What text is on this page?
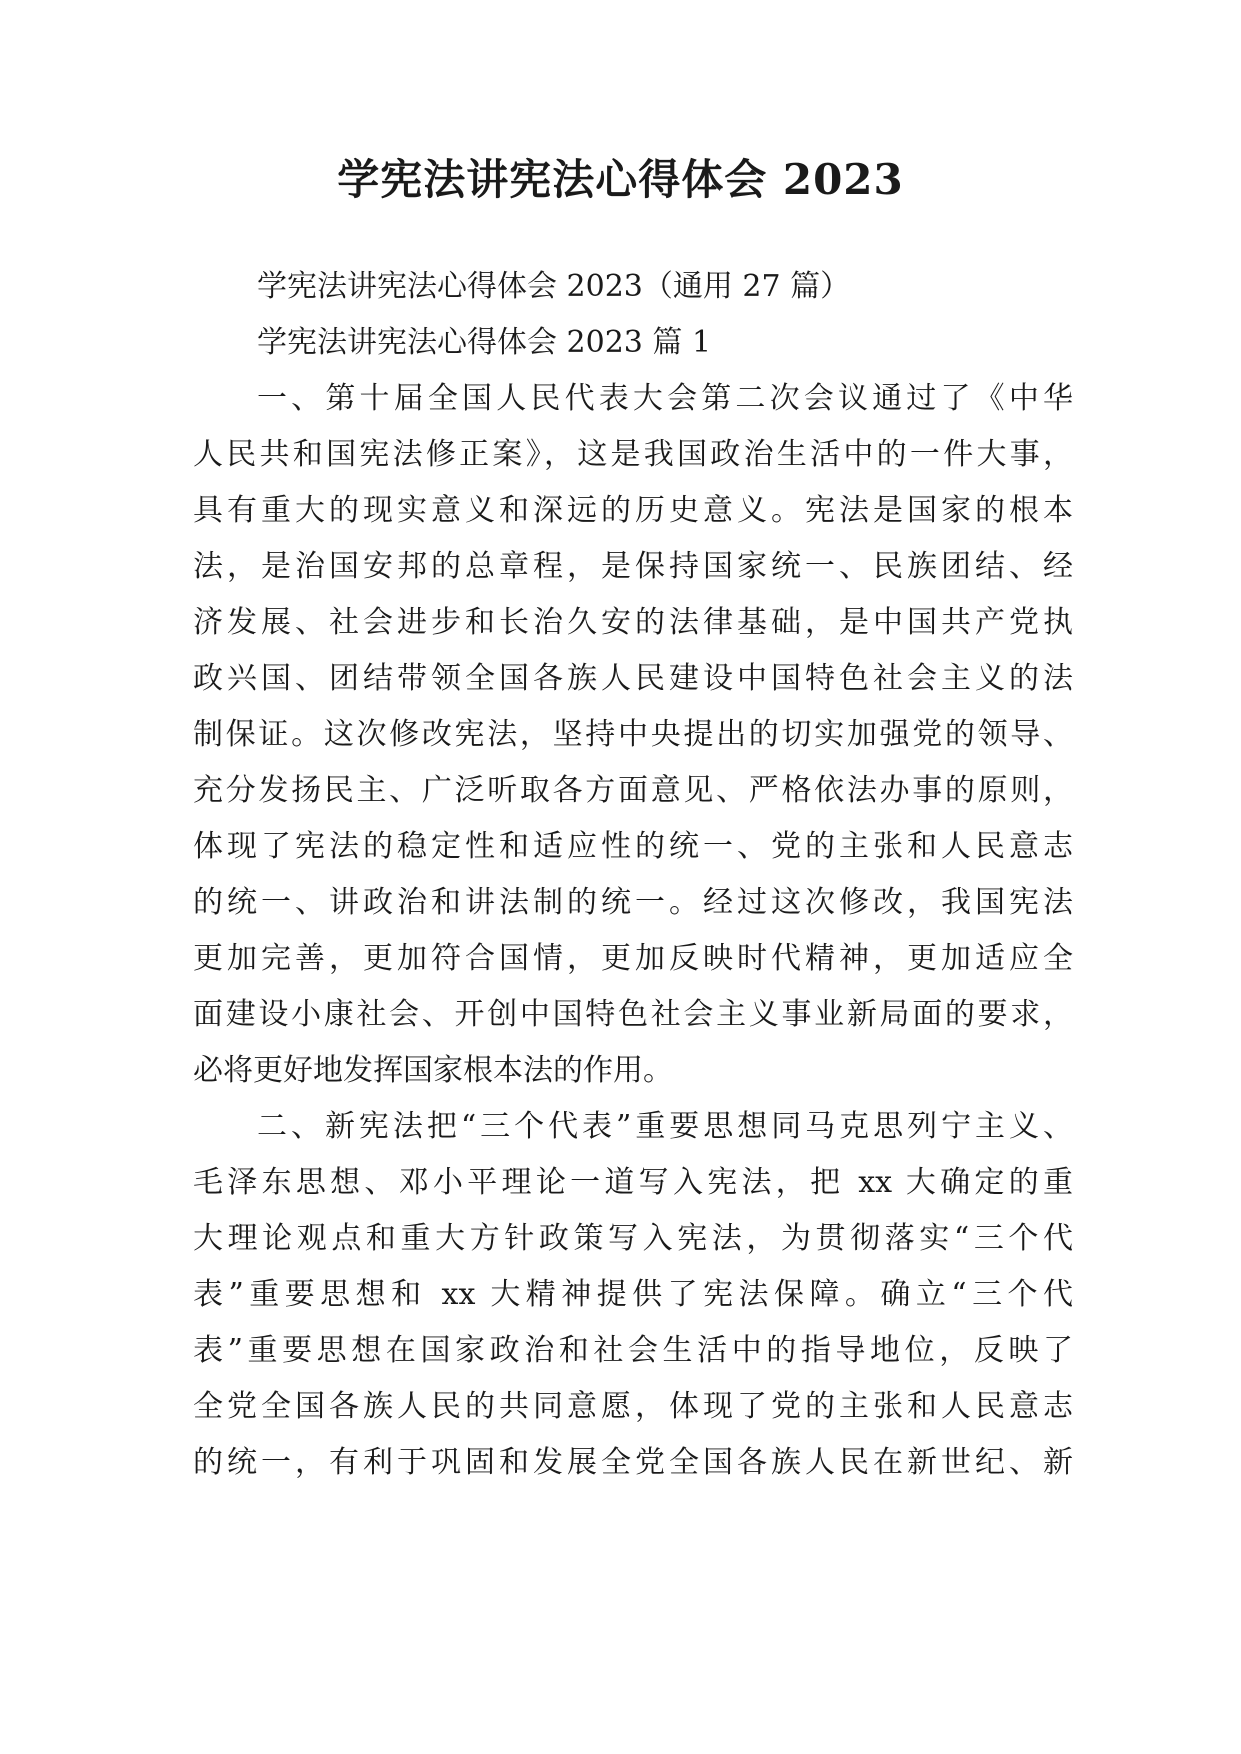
学宪法讲宪法心得体会 2023
学宪法讲宪法心得体会 2023（通用 27 篇）
学宪法讲宪法心得体会 2023 篇 1
一、第十届全国人民代表大会第二次会议通过了《中华
人民共和国宪法修正案》，这是我国政治生活中的一件大事，
具有重大的现实意义和深远的历史意义。宪法是国家的根本
法，是治国安邦的总章程，是保持国家统一、民族团结、经
济发展、社会进步和长治久安的法律基础，是中国共产党执
政兴国、团结带领全国各族人民建设中国特色社会主义的法
制保证。这次修改宪法，坚持中央提出的切实加强党的领导、
充分发扬民主、广泛听取各方面意见、严格依法办事的原则，
体现了宪法的稳定性和适应性的统一、党的主张和人民意志
的统一、讲政治和讲法制的统一。经过这次修改，我国宪法
更加完善，更加符合国情，更加反映时代精神，更加适应全
面建设小康社会、开创中国特色社会主义事业新局面的要求，
必将更好地发挥国家根本法的作用。
二、新宪法把“三个代表”重要思想同马克思列宁主义、
毛泽东思想、邓小平理论一道写入宪法，把 xx 大确定的重
大理论观点和重大方针政策写入宪法，为贯彻落实“三个代
表”重要思想和 xx 大精神提供了宪法保障。确立“三个代
表”重要思想在国家政治和社会生活中的指导地位，反映了
全党全国各族人民的共同意愿，体现了党的主张和人民意志
的统一，有利于巩固和发展全党全国各族人民在新世纪、新
